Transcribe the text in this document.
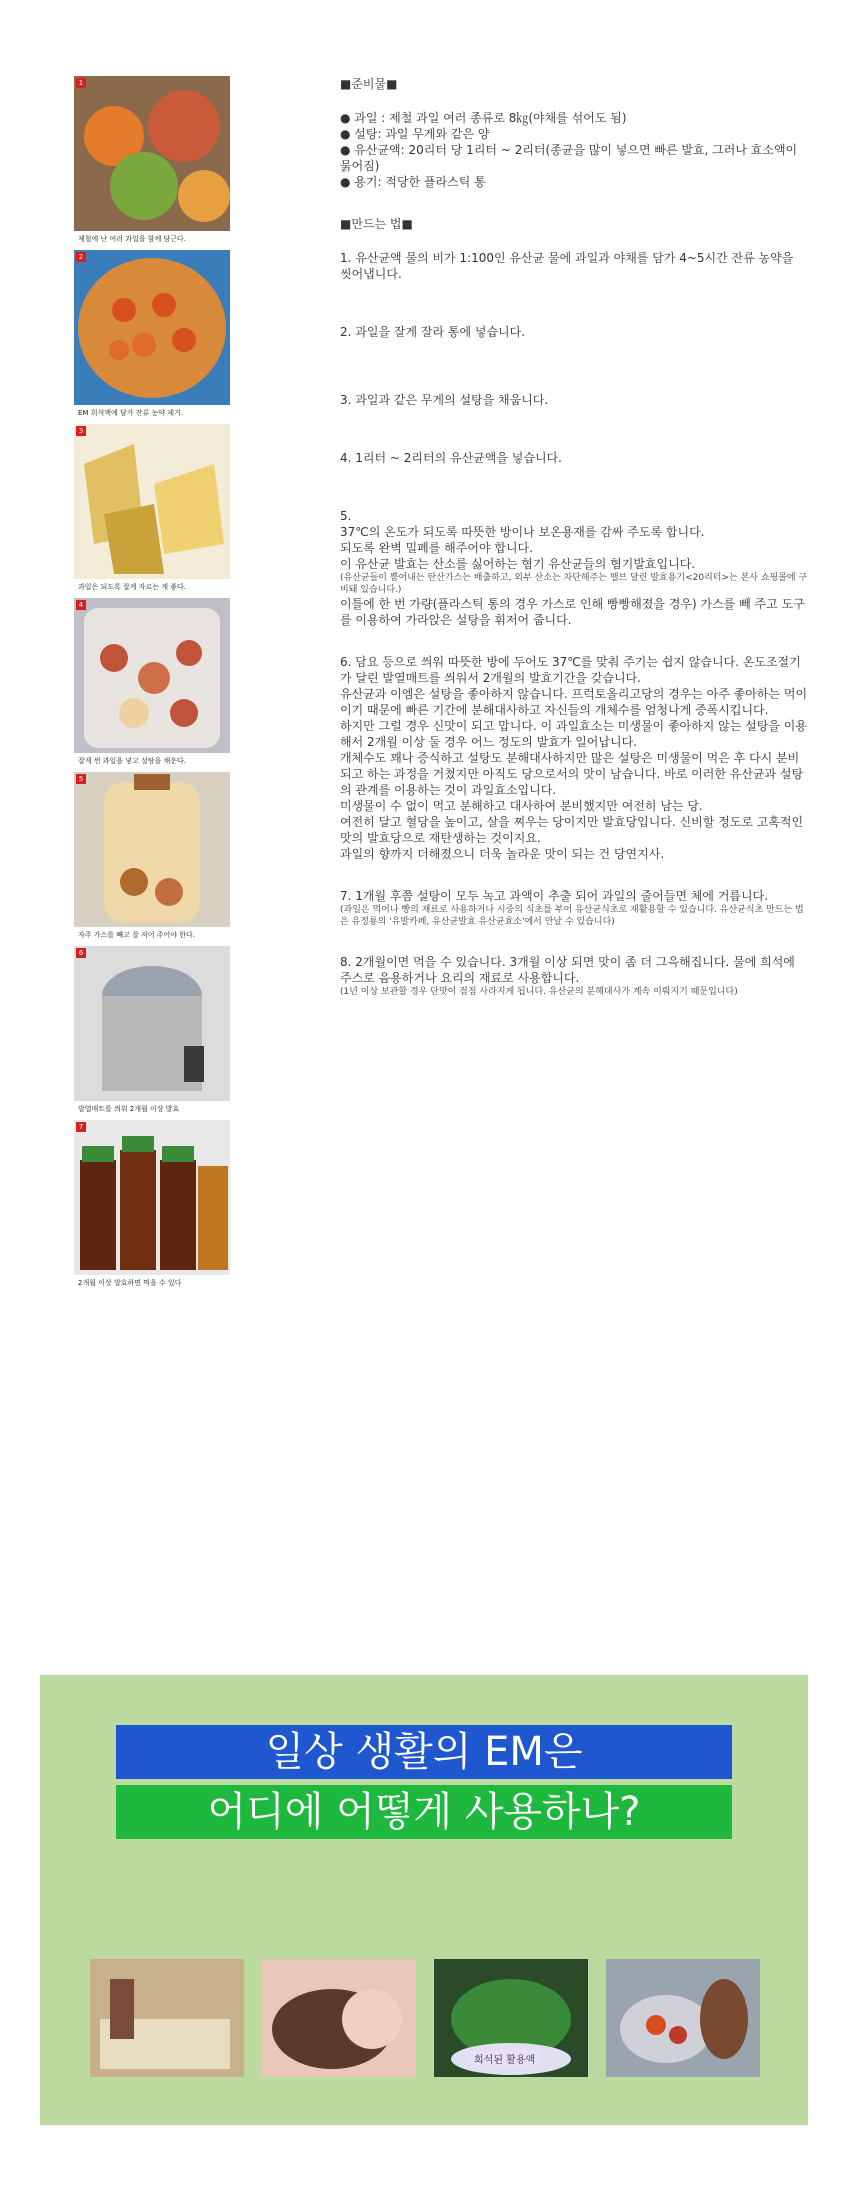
1
제철에 난 여러 과일을 함께 담근다.
2
EM 희석액에 담가 잔류 농약 제거.
3
과일은 되도록 잘게 자르는 게 좋다.
4
잘게 썬 과일을 넣고 설탕을 채운다.
5
자주 가스를 빼고 잘 저어 주어야 한다.
6
발열매트를 씌워 2개월 이상 발효
7
2개월 이상 발효하면 먹을 수 있다

■준비물■

● 과일 : 제철 과일 여러 종류로 8㎏(야채를 섞어도 됨)

● 설탕: 과일 무게와 같은 양

● 유산균액: 20리터 당 1리터 ~ 2리터(종균을 많이 넣으면 빠른 발효, 그러나 효소액이 묽어짐)

● 용기: 적당한 플라스틱 통

■만드는 법■

1. 유산균액 물의 비가 1:100인 유산균 물에 과일과 야채를 담가 4~5시간 잔류 농약을 씻어냅니다.

2. 과일을 잘게 잘라 통에 넣습니다.

3. 과일과 같은 무게의 설탕을 채웁니다.

4. 1리터 ~ 2리터의 유산균액을 넣습니다.

5.

37℃의 온도가 되도록 따뜻한 방이나 보온용재를 감싸 주도록 합니다.

되도록 완벽 밀폐를 해주어야 합니다.

이 유산균 발효는 산소를 싫어하는 혐기 유산균들의 혐기발효입니다.

(유산균들이 뿜어내는 탄산가스는 배출하고, 외부 산소는 차단해주는 밸브 달린 발효용기<20리터>는 본사 쇼핑몰에 구비돼 있습니다.)

이틀에 한 번 가량(플라스틱 통의 경우 가스로 인해 빵빵해졌을 경우) 가스를 빼 주고 도구를 이용하여 가라앉은 설탕을 휘저어 줍니다.

6. 담요 등으로 씌워 따뜻한 방에 두어도 37℃를 맞춰 주기는 쉽지 않습니다. 온도조절기가 달린 발열매트를 씌워서 2개월의 발효기간을 갖습니다.

유산균과 이엠은 설탕을 좋아하지 않습니다. 프럭토올리고당의 경우는 아주 좋아하는 먹이이기 때문에 빠른 기간에 분해대사하고 자신들의 개체수를 엄청나게 증폭시킵니다.

하지만 그럴 경우 신맛이 되고 맙니다. 이 과일효소는 미생물이 좋아하지 않는 설탕을 이용해서 2개월 이상 둘 경우 어느 정도의 발효가 일어납니다.

개체수도 꽤나 증식하고 설탕도 분해대사하지만 많은 설탕은 미생물이 먹은 후 다시 분비되고 하는 과정을 거쳤지만 아직도 당으로서의 맛이 남습니다. 바로 이러한 유산균과 설탕의 관계를 이용하는 것이 과일효소입니다.

미생물이 수 없이 먹고 분해하고 대사하여 분비했지만 여전히 남는 당.

여전히 달고 혈당을 높이고, 살을 찌우는 당이지만 발효당입니다. 신비할 정도로 고혹적인 맛의 발효당으로 재탄생하는 것이지요.

과일의 향까지 더해졌으니 더욱 놀라운 맛이 되는 건 당연지사.

7. 1개월 후쯤 설탕이 모두 녹고 과액이 추출 되어 과일의 줄어들면 체에 거릅니다.

(과일은 먹어나 빵의 재료로 사용하거나 시중의 식초를 부어 유산균식초로 재활용할 수 있습니다. 유산균식초 만드는 법은 유정룡의 '유발카페, 유산균발효 유산균효소'에서 만날 수 있습니다)

8. 2개월이면 먹을 수 있습니다. 3개월 이상 되면 맛이 좀 더 그윽해집니다. 물에 희석에 주스로 음용하거나 요리의 재료로 사용합니다.

(1년 이상 보관할 경우 단맛이 점점 사라지게 됩니다. 유산균의 분해대사가 계속 이뤄지기 때문입니다)

일상 생활의 EM은
어디에 어떻게 사용하나?
희석된 활용액
